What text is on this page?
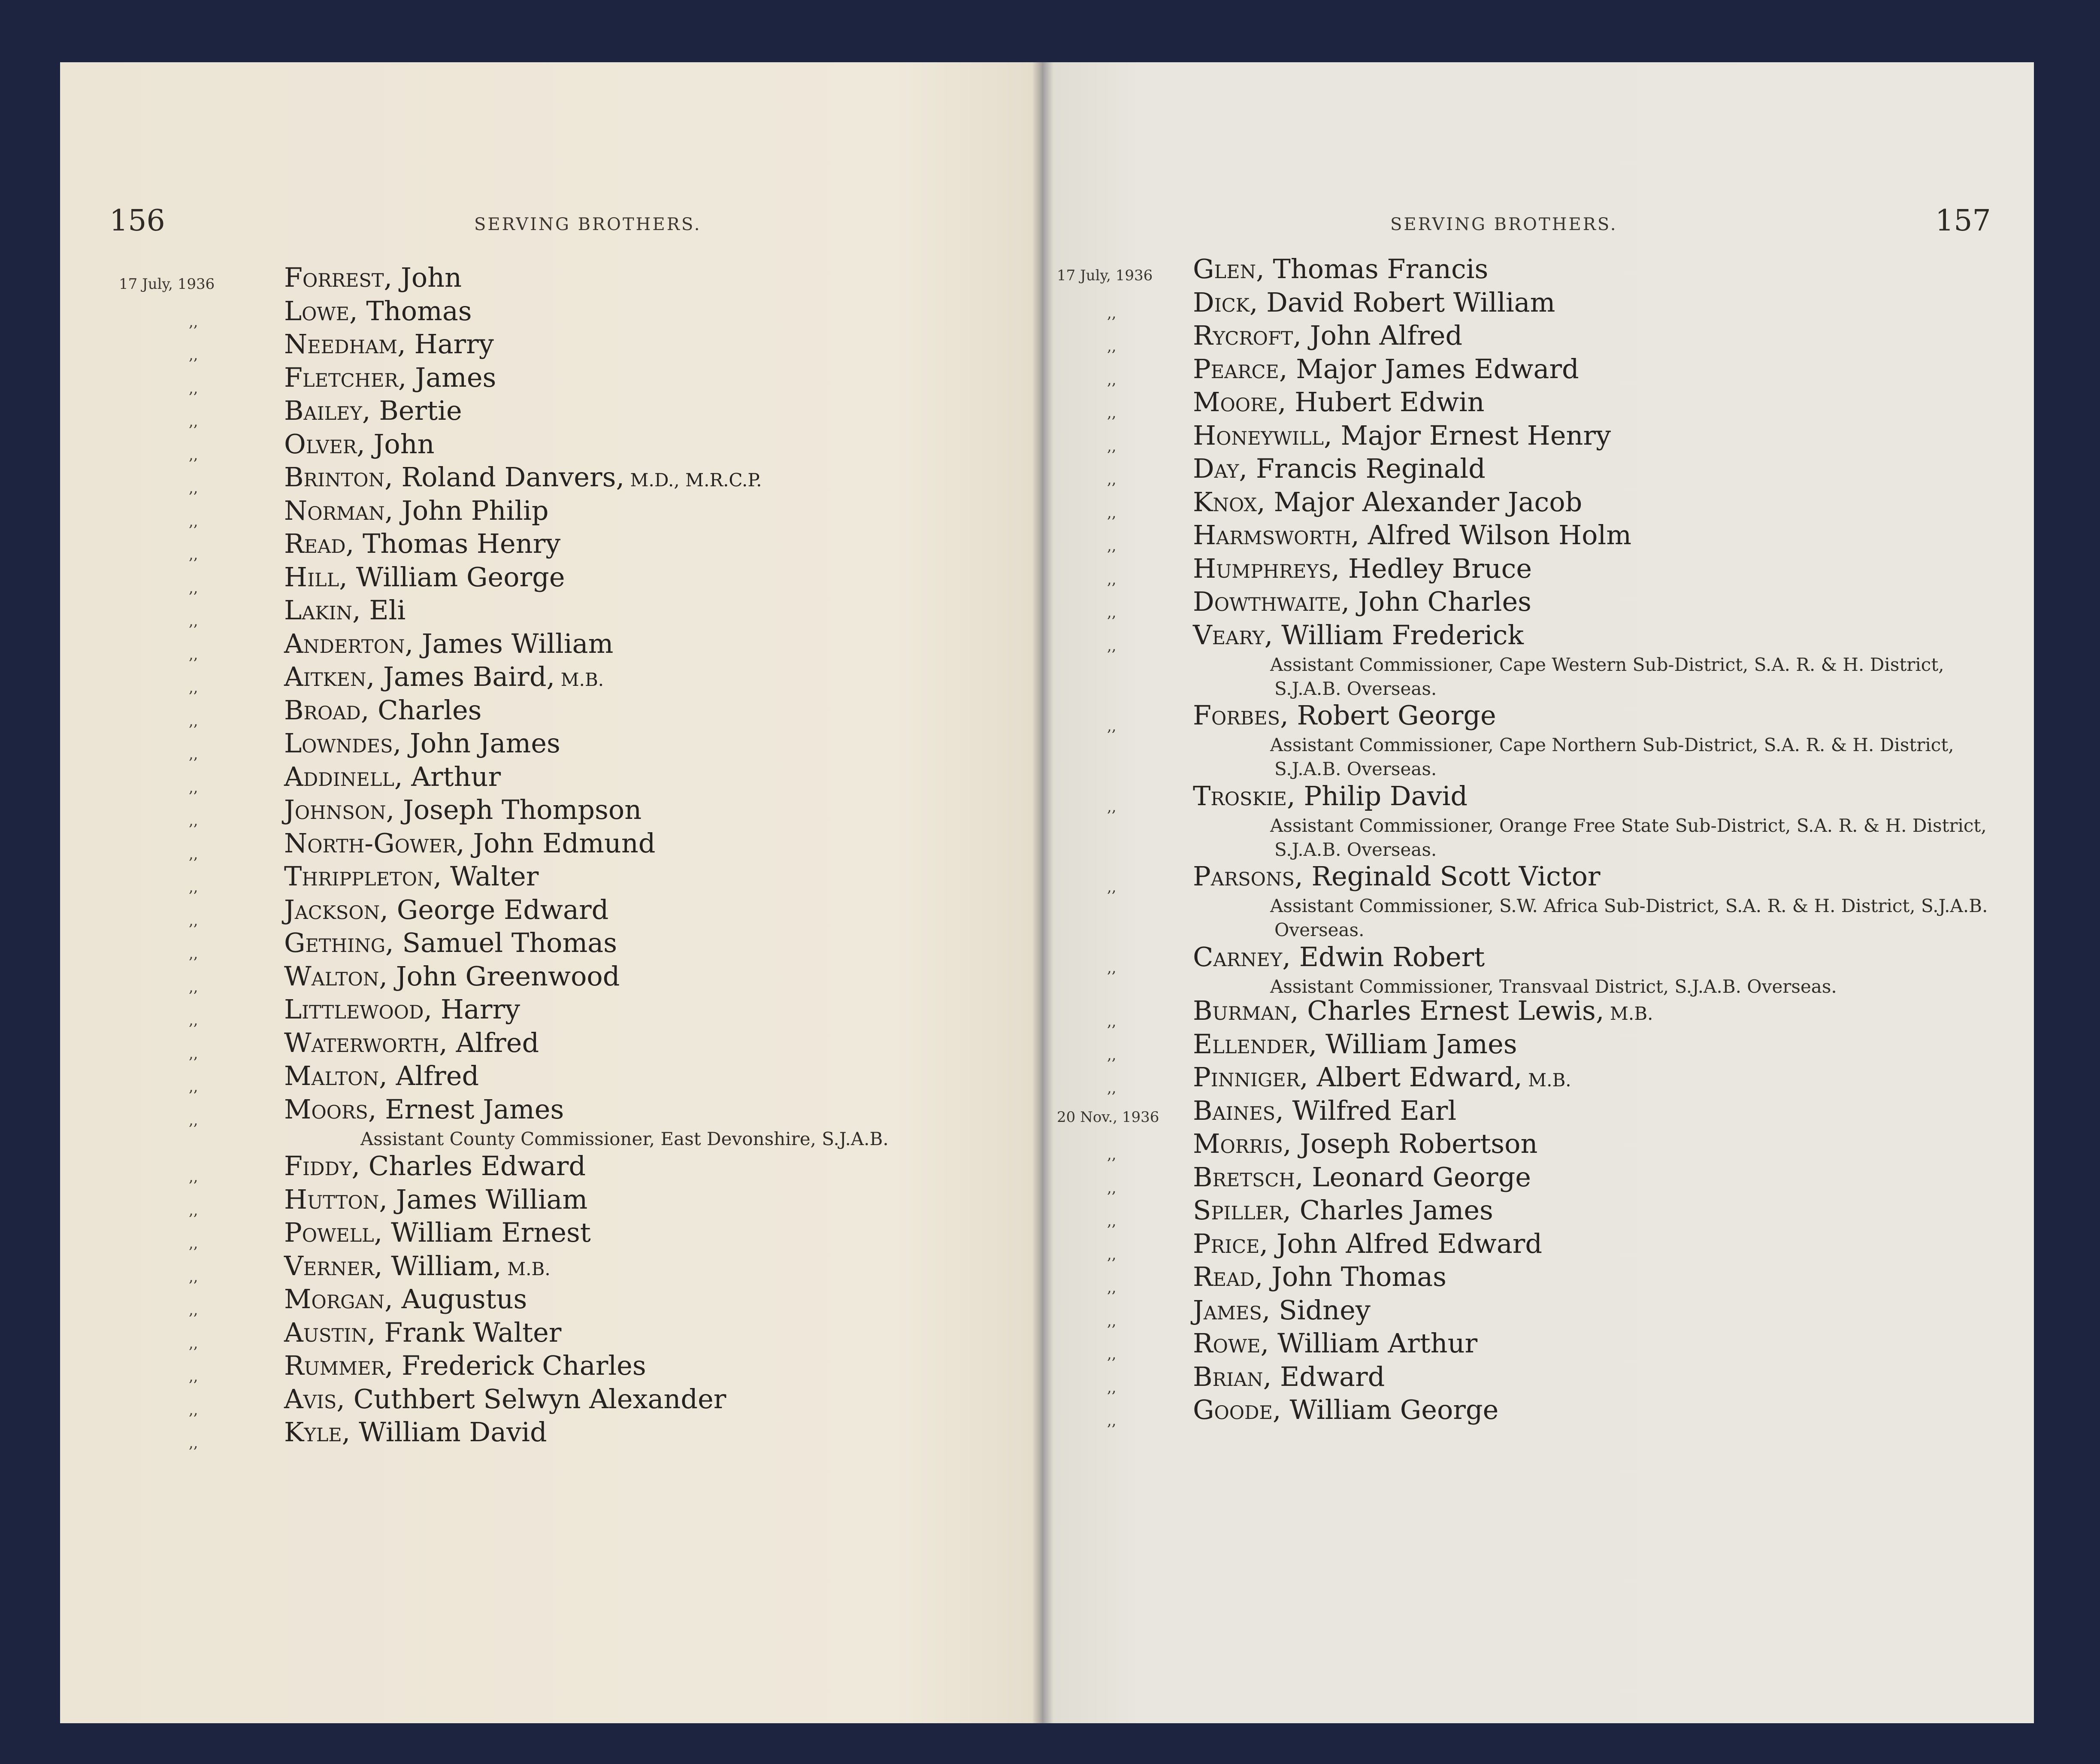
156	SERVING BROTHERS.
17 July, 1936	Forrest, John
,,	Lowe, Thomas
,,	Needham, Harry
,,	Fletcher, James
,,	Bailey, Bertie
,,	Olver, John
,,	Brinton, Roland Danvers, M.D., M.R.C.P.
,,	Norman, John Philip
,,	Read, Thomas Henry
,,	Hill, William George
,,	Lakin, Eli
,,	Anderton, James William
,,	Aitken, James Baird, M.B.
,,	Broad, Charles
,,	Lowndes, John James
,,	Addinell, Arthur
,,	Johnson, Joseph Thompson
,,	North-Gower, John Edmund
,,	Thrippleton, Walter
,,	Jackson, George Edward
,,	Gething, Samuel Thomas
,,	Walton, John Greenwood
,,	Littlewood, Harry
,,	Waterworth, Alfred
,,	Malton, Alfred
,,	Moors, Ernest James
Assistant County Commissioner, East Devonshire, S.J.A.B.
,,	Fiddy, Charles Edward
,,	Hutton, James William
,,	Powell, William Ernest
,,	Verner, William, M.B.
,,	Morgan, Augustus
,,	Austin, Frank Walter
,,	Rummer, Frederick Charles
,,	Avis, Cuthbert Selwyn Alexander
,,	Kyle, William David
SERVING BROTHERS.	157
17 July, 1936 Glen, Thomas Francis
,,	Dick, David Robert William
,,	Rycroft, John Alfred
,,	Pearce, Major James Edward
,,	Moore, Hubert Edwin
,,	Honeywill, Major Ernest Henry
,,	Day, Francis Reginald
,,	Knox, Major Alexander Jacob
,,	Harmsworth, Alfred Wilson Holm
,,	Humphreys, Hedley Bruce
,,	Dowthwaite, John Charles
,,	Veary, William Frederick
Assistant Commissioner, Cape Western Sub-District, S.A. R. & H. District, S.J.A.B. Overseas.
,,	Forbes, Robert George
Assistant Commissioner, Cape Northern Sub-District, S.A. R. & H. District, S.J.A.B. Overseas.
,,	Troskie, Philip David
Assistant Commissioner, Orange Free State Sub-District, S.A. R. & H. District, S.J.A.B. Overseas.
,,	Parsons, Reginald Scott Victor
Assistant Commissioner, S.W. Africa Sub-District, S.A. R. & H. District, S.J.A.B. Overseas.
,,	Carney, Edwin Robert
Assistant Commissioner, Transvaal District, S.J.A.B. Overseas.
,,	Burman, Charles Ernest Lewis, M.B.
,,	Ellender, William James
,,	Pinniger, Albert Edward, M.B.
20 Nov., 1936 Baines, Wilfred Earl
,,	Morris, Joseph Robertson
,,	Bretsch, Leonard George
,,	Spiller, Charles James
,,	Price, John Alfred Edward
,,	Read, John Thomas
,,	James, Sidney
,,	Rowe, William Arthur
,,	Brian, Edward
,,	Goode, William George
